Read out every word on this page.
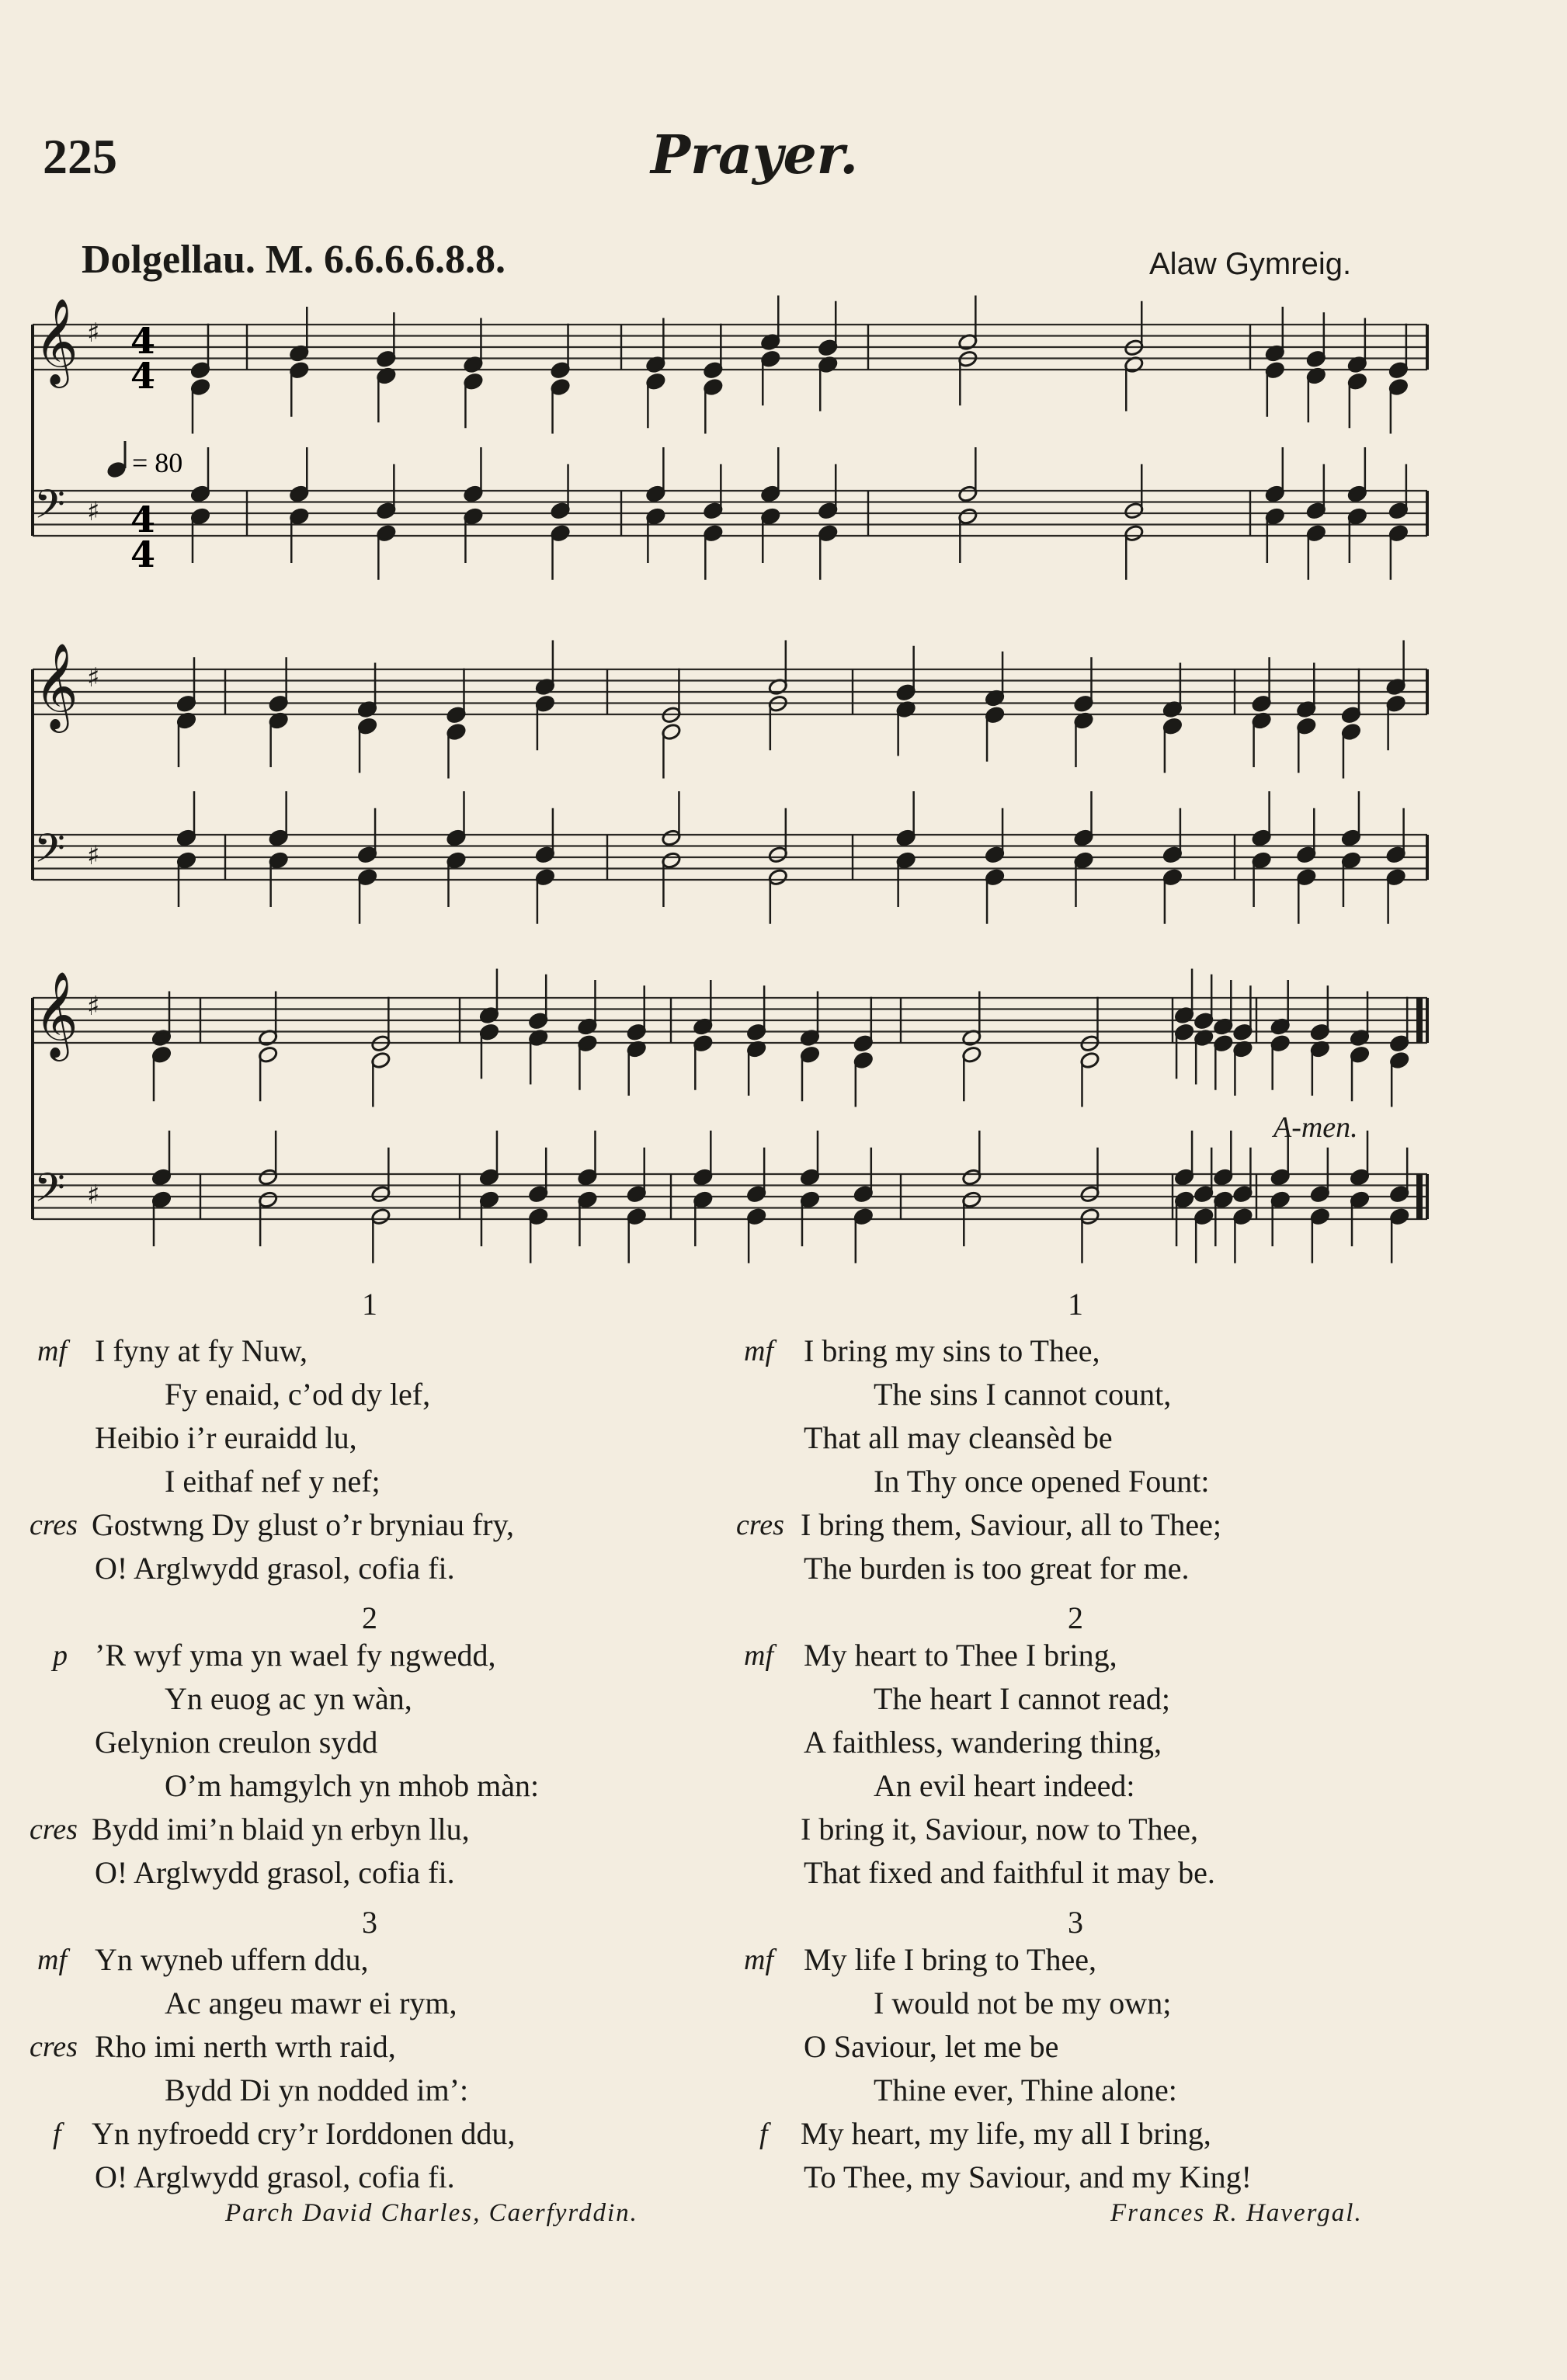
225	Prayer.
Dolgellau. M. 6.6.6.6.8.8.	Alaw Gymreig.
𝄞 ♯
𝄢 ♯
𝄞 ♯
𝄢 ♯
𝄞 ♯
𝄢 ♯
4
4
4
4
= 80
A-men.
1
mf I fyny at fy Nuw,
Fy enaid, c’od dy lef,
Heibio i’r euraidd lu,
I eithaf nef y nef;
cres Gostwng Dy glust o’r bryniau fry,
O! Arglwydd grasol, cofia fi.
2
p ’R wyf yma yn wael fy ngwedd,
Yn euog ac yn wàn,
Gelynion creulon sydd
O’m hamgylch yn mhob màn:
cres Bydd imi’n blaid yn erbyn llu,
O! Arglwydd grasol, cofia fi.
3
mf Yn wyneb uffern ddu,
Ac angeu mawr ei rym,
cres Rho imi nerth wrth raid,
Bydd Di yn nodded im’:
f Yn nyfroedd cry’r Iorddonen ddu,
O! Arglwydd grasol, cofia fi.
1
mf I bring my sins to Thee,
The sins I cannot count,
That all may cleansèd be
In Thy once opened Fount:
cres I bring them, Saviour, all to Thee;
The burden is too great for me.
2
mf My heart to Thee I bring,
The heart I cannot read;
A faithless, wandering thing,
An evil heart indeed:
I bring it, Saviour, now to Thee,
That fixed and faithful it may be.
3
mf My life I bring to Thee,
I would not be my own;
O Saviour, let me be
Thine ever, Thine alone:
f My heart, my life, my all I bring,
To Thee, my Saviour, and my King!
Parch David Charles, Caerfyrddin.	Frances R. Havergal.
